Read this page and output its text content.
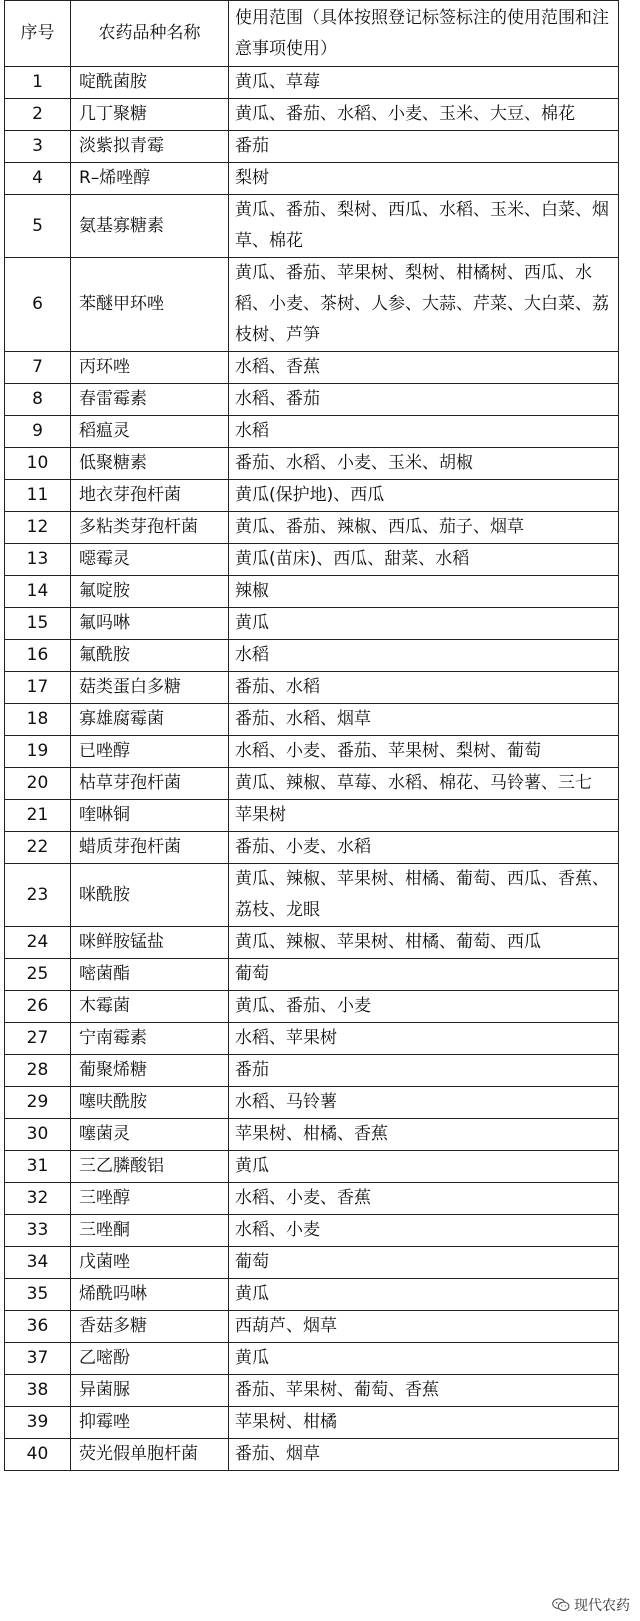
序号	农药品种名称	使用范围（具体按照登记标签标注的使用范围和注意事项使用）
1	啶酰菌胺	黄瓜、草莓
2	几丁聚糖	黄瓜、番茄、水稻、小麦、玉米、大豆、棉花
3	淡紫拟青霉	番茄
4	R–烯唑醇	梨树
5	氨基寡糖素	黄瓜、番茄、梨树、西瓜、水稻、玉米、白菜、烟草、棉花
6	苯醚甲环唑	黄瓜、番茄、苹果树、梨树、柑橘树、西瓜、水稻、小麦、茶树、人参、大蒜、芹菜、大白菜、荔枝树、芦笋
7	丙环唑	水稻、香蕉
8	春雷霉素	水稻、番茄
9	稻瘟灵	水稻
10	低聚糖素	番茄、水稻、小麦、玉米、胡椒
11	地衣芽孢杆菌	黄瓜(保护地)、西瓜
12	多粘类芽孢杆菌	黄瓜、番茄、辣椒、西瓜、茄子、烟草
13	噁霉灵	黄瓜(苗床)、西瓜、甜菜、水稻
14	氟啶胺	辣椒
15	氟吗啉	黄瓜
16	氟酰胺	水稻
17	菇类蛋白多糖	番茄、水稻
18	寡雄腐霉菌	番茄、水稻、烟草
19	已唑醇	水稻、小麦、番茄、苹果树、梨树、葡萄
20	枯草芽孢杆菌	黄瓜、辣椒、草莓、水稻、棉花、马铃薯、三七
21	喹啉铜	苹果树
22	蜡质芽孢杆菌	番茄、小麦、水稻
23	咪酰胺	黄瓜、辣椒、苹果树、柑橘、葡萄、西瓜、香蕉、荔枝、龙眼
24	咪鲜胺锰盐	黄瓜、辣椒、苹果树、柑橘、葡萄、西瓜
25	嘧菌酯	葡萄
26	木霉菌	黄瓜、番茄、小麦
27	宁南霉素	水稻、苹果树
28	葡聚烯糖	番茄
29	噻呋酰胺	水稻、马铃薯
30	噻菌灵	苹果树、柑橘、香蕉
31	三乙膦酸铝	黄瓜
32	三唑醇	水稻、小麦、香蕉
33	三唑酮	水稻、小麦
34	戊菌唑	葡萄
35	烯酰吗啉	黄瓜
36	香菇多糖	西葫芦、烟草
37	乙嘧酚	黄瓜
38	异菌脲	番茄、苹果树、葡萄、香蕉
39	抑霉唑	苹果树、柑橘
40	荧光假单胞杆菌	番茄、烟草
现代农药
